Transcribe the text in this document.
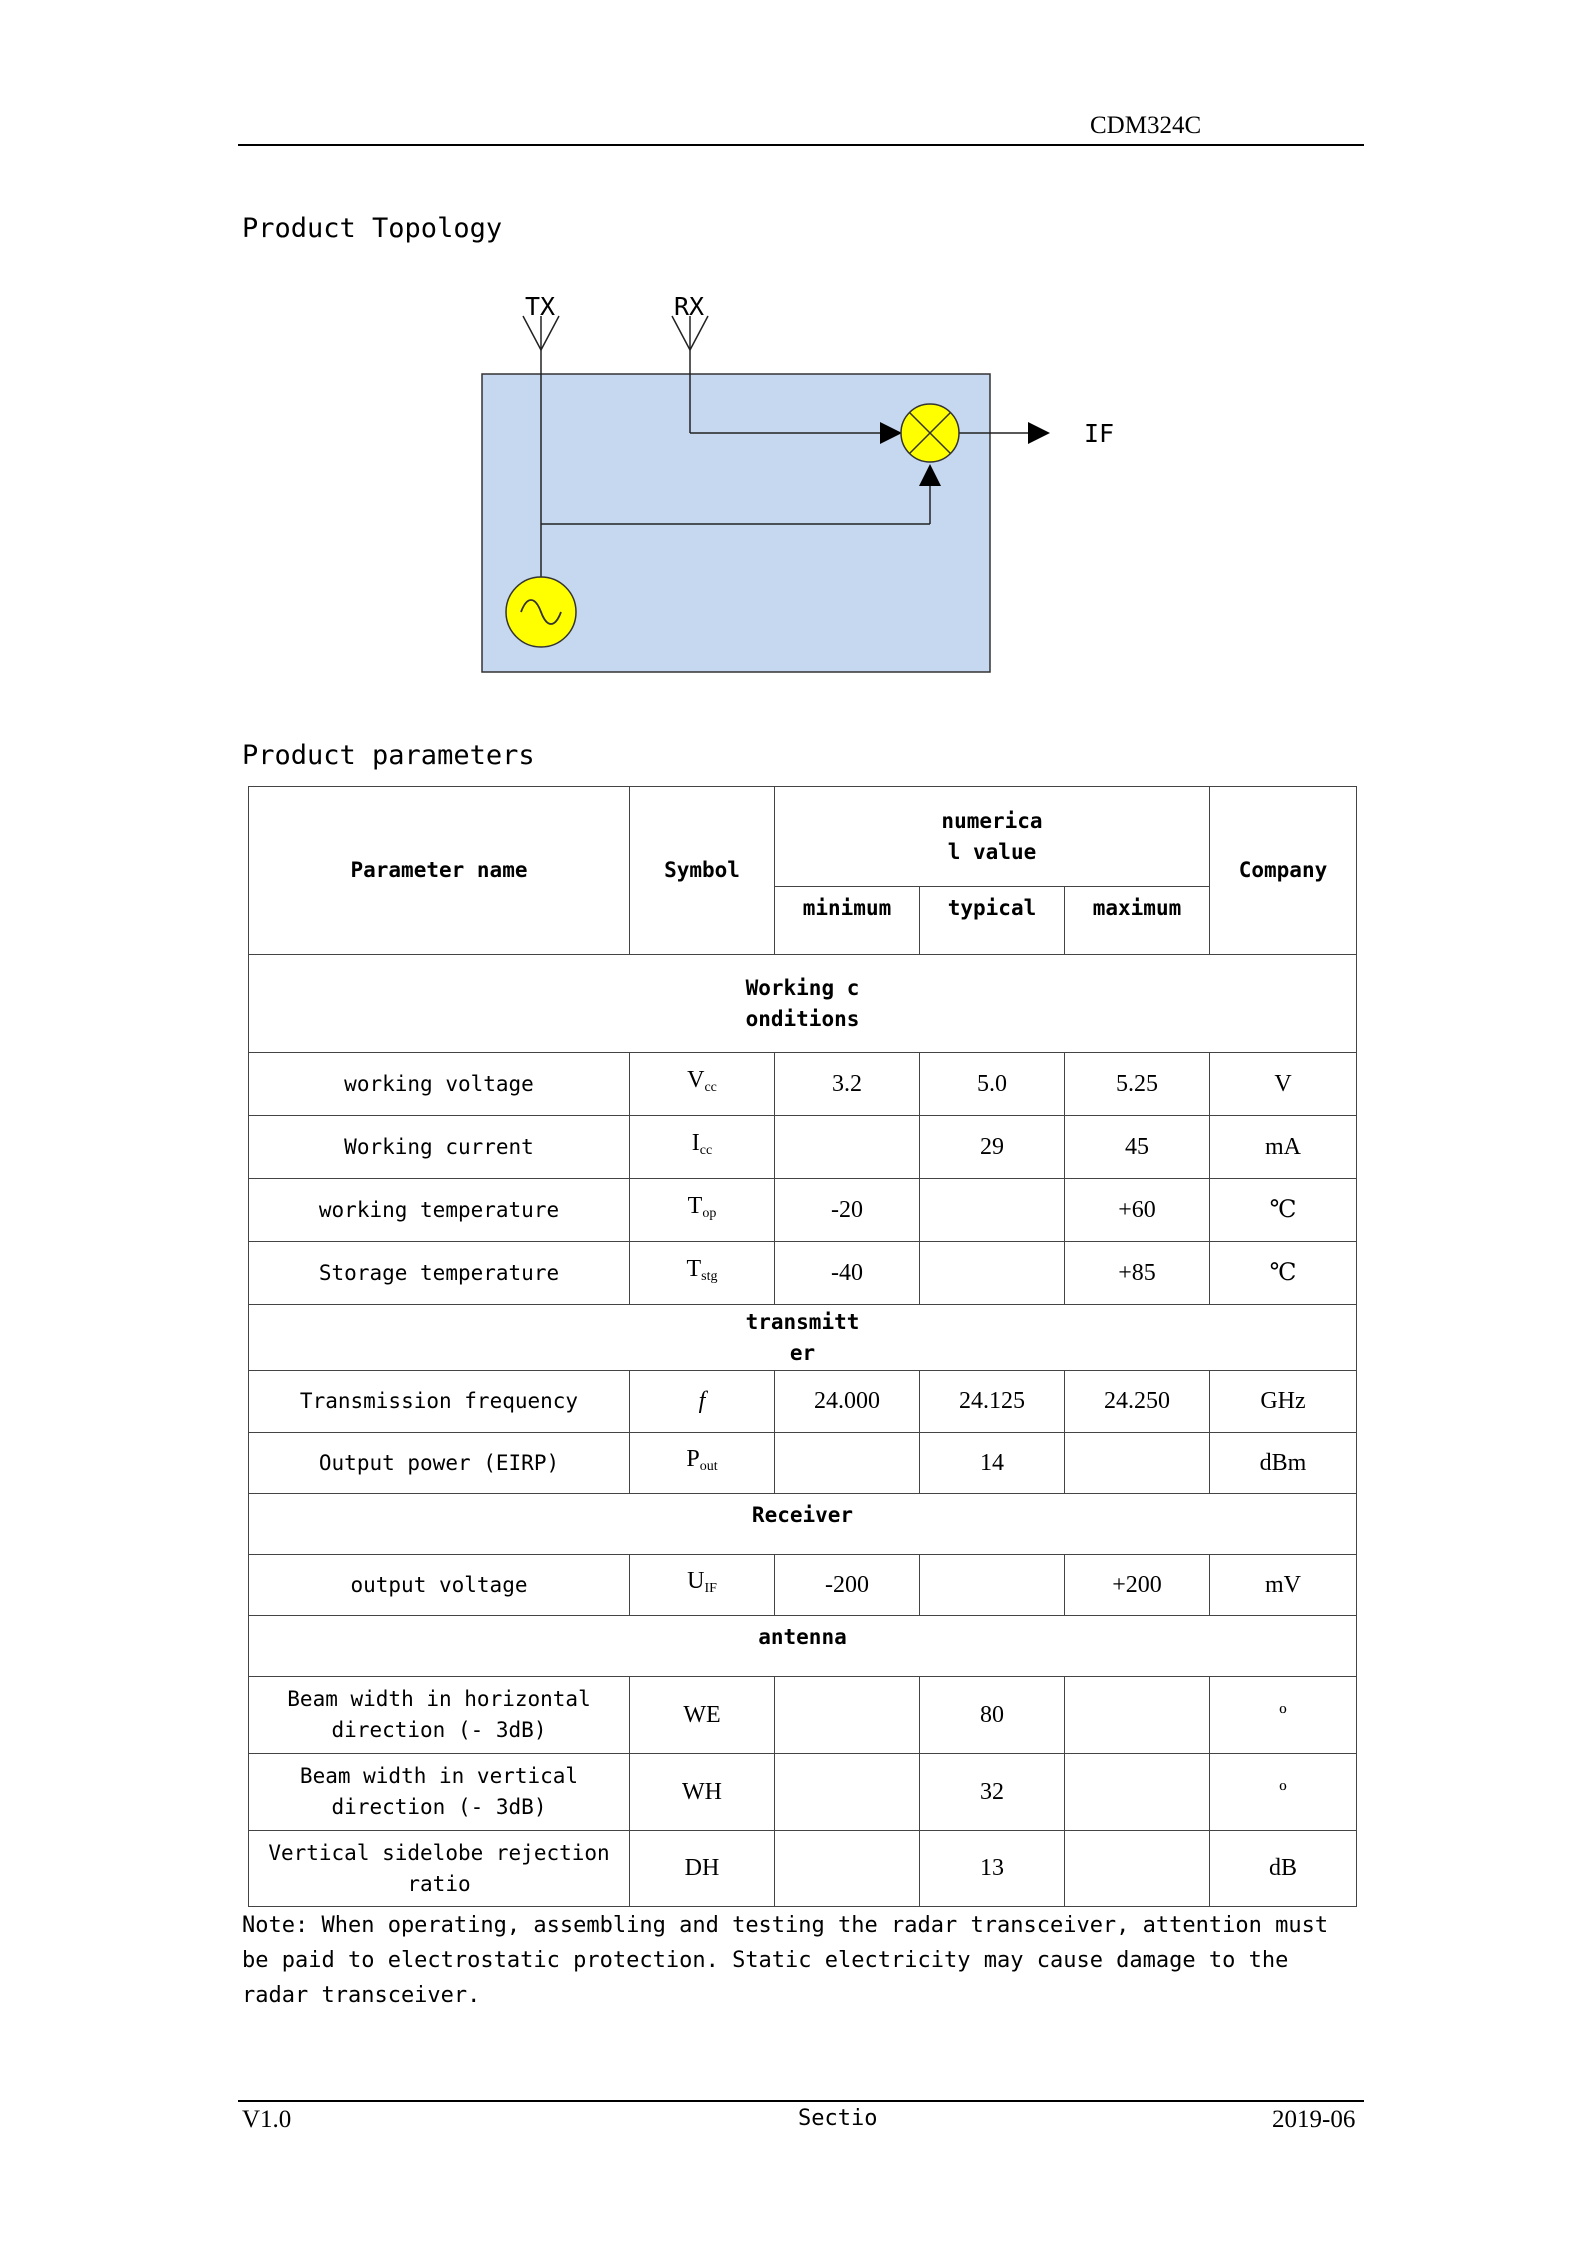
CDM324C
Product Topology
TX	RX
IF
Product parameters
Parameter name	Symbol	numerical value			Company
		minimum	typical	maximum	
Working conditions					
working voltage	$V_{cc}$	3.2	5.0	5.25	V
Working current	$I_{cc}$		29	45	mA
working temperature	$T_{op}$	-20		+60	℃
Storage temperature	$T_{stg}$	-40		+85	℃
transmitter					
Transmission frequency	f	24.000	24.125	24.250	GHz
Output power (EIRP)	$P_{out}$		14		dBm
Receiver					
output voltage	$U_{IF}$	-200		+200	mV
antenna					
Beam width in horizontal direction (- 3dB)	WE		80		º
Beam width in vertical direction (- 3dB)	WH		32		º
Vertical sidelobe rejection ratio	DH		13		dB
Note: When operating, assembling and testing the radar transceiver, attention must be paid to electrostatic protection. Static electricity may cause damage to the radar transceiver.
V1.0	Sectio	2019-06
